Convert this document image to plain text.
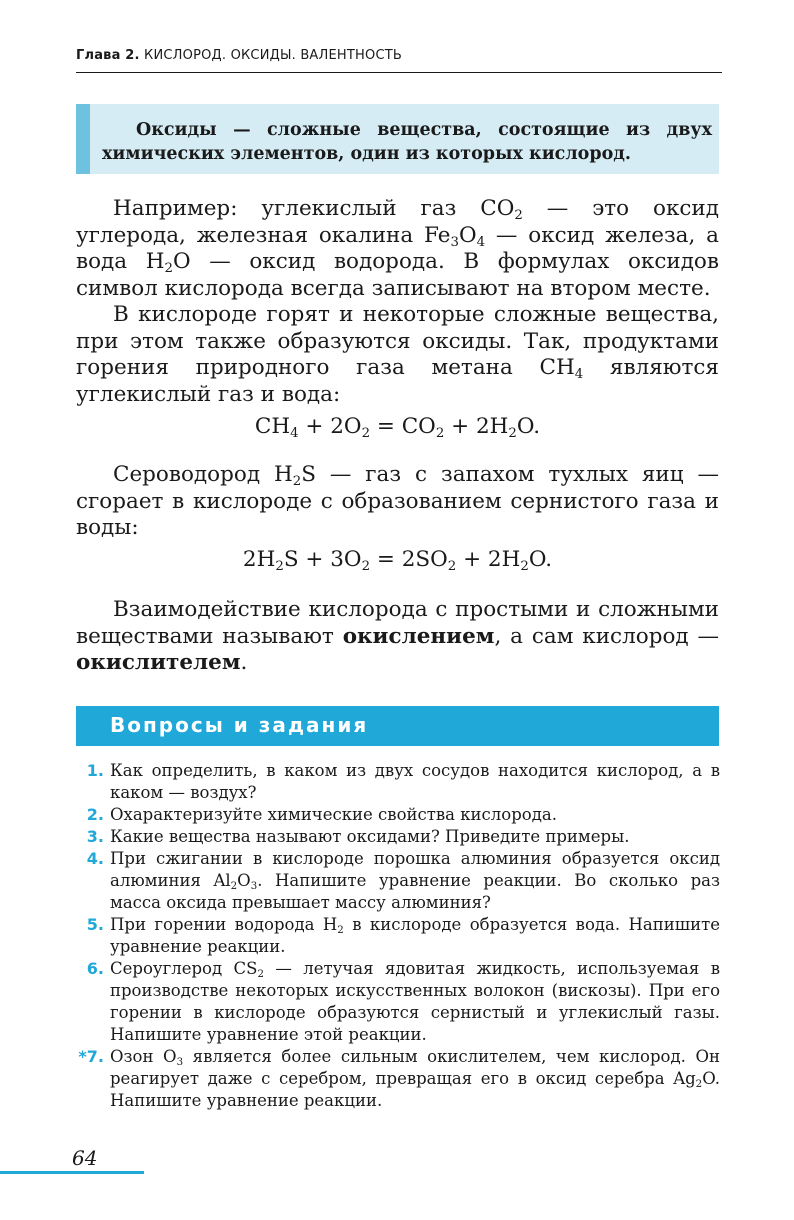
Глава 2. КИСЛОРОД. ОКСИДЫ. ВАЛЕНТНОСТЬ
Оксиды — сложные вещества, состоящие из двух химических элементов, один из которых кислород.
Например: углекислый газ $CO_2$ — это оксид углерода, железная окалина $Fe_3O_4$ — оксид железа, а вода $H_2O$ — оксид водорода. В формулах оксидов символ кислорода всегда записывают на втором месте.
В кислороде горят и некоторые сложные вещества, при этом также образуются оксиды. Так, продуктами горения природного газа метана $CH_4$ являются углекислый газ и вода:
$CH_4 + 2O_2 = CO_2 + 2H_2O$.
Сероводород $H_2S$ — газ с запахом тухлых яиц — сгорает в кислороде с образованием сернистого газа и воды:
$2H_2S + 3O_2 = 2SO_2 + 2H_2O$.
Взаимодействие кислорода с простыми и сложными веществами называют окислением, а сам кислород — окислителем.
Вопросы и задания
1. Как определить, в каком из двух сосудов находится кислород, а в каком — воздух?
2. Охарактеризуйте химические свойства кислорода.
3. Какие вещества называют оксидами? Приведите примеры.
4. При сжигании в кислороде порошка алюминия образуется оксид алюминия $Al_2O_3$. Напишите уравнение реакции. Во сколько раз масса оксида превышает массу алюминия?
5. При горении водорода $H_2$ в кислороде образуется вода. Напишите уравнение реакции.
6. Сероуглерод $CS_2$ — летучая ядовитая жидкость, используемая в производстве некоторых искусственных волокон (вискозы). При его горении в кислороде образуются сернистый и углекислый газы. Напишите уравнение этой реакции.
*7. Озон $O_3$ является более сильным окислителем, чем кислород. Он реагирует даже с серебром, превращая его в оксид серебра $Ag_2O$. Напишите уравнение реакции.
64
